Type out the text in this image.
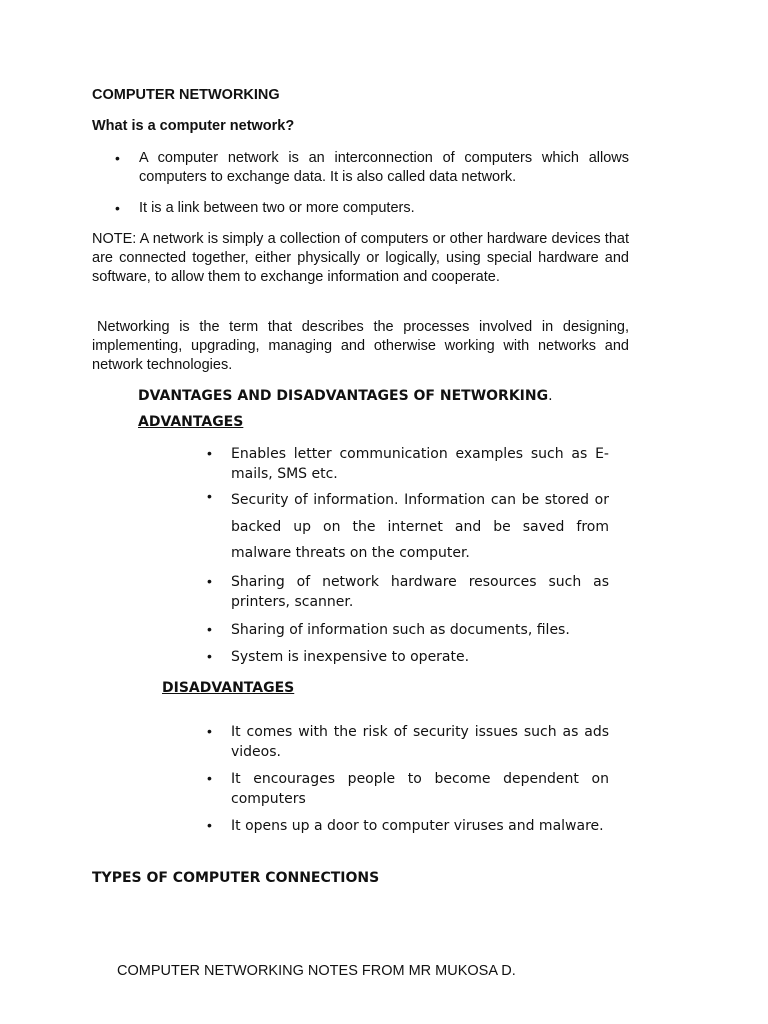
COMPUTER NETWORKING
What is a computer network?
•	A computer network is an interconnection of computers which allows computers to exchange data. It is also called data network.
•	It is a link between two or more computers.

NOTE: A network is simply a collection of computers or other hardware devices that are connected together, either physically or logically, using special hardware and software, to allow them to exchange information and cooperate.

Networking is the term that describes the processes involved in designing, implementing, upgrading, managing and otherwise working with networks and network technologies.

DVANTAGES AND DISADVANTAGES OF NETWORKING.
ADVANTAGES
•	Enables letter communication examples such as E-mails, SMS etc.
•	Security of information. Information can be stored or backed up on the internet and be saved from malware threats on the computer.
•	Sharing of network hardware resources such as printers, scanner.
•	Sharing of information such as documents, files.
•	System is inexpensive to operate.
DISADVANTAGES
•	It comes with the risk of security issues such as ads videos.
•	It encourages people to become dependent on computers
•	It opens up a door to computer viruses and malware.
TYPES OF COMPUTER CONNECTIONS
COMPUTER NETWORKING NOTES FROM MR MUKOSA D.
